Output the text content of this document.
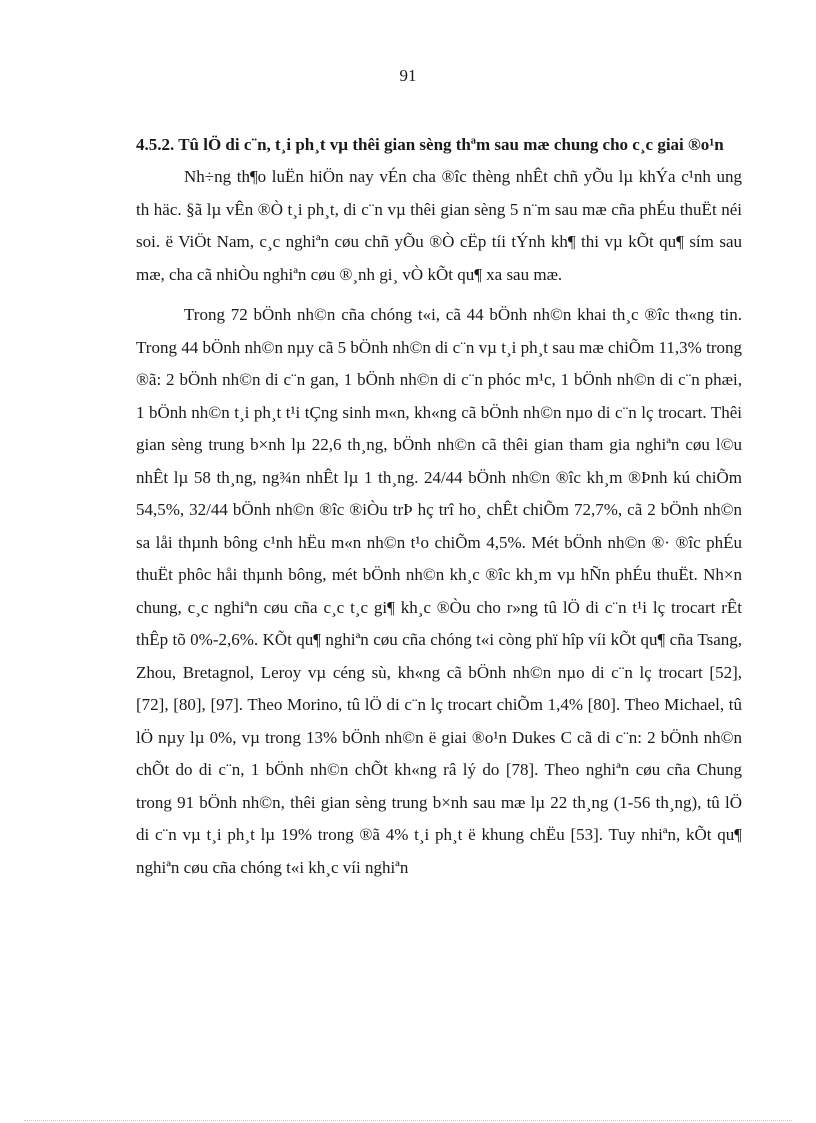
91
4.5.2. Tû lÖ di c¨n, t¸i ph¸t vµ thêi gian sèng thªm sau mæ chung cho c¸c giai ®o¹n

Nh÷ng th¶o luËn hiÖn nay vÉn cha ®îc thèng nhÊt chñ yÕu lµ khÝa c¹nh ung th häc. §ã lµ vÊn ®Ò t¸i ph¸t, di c¨n vµ thêi gian sèng 5 n¨m sau mæ cña phÉu thuËt néi soi. ë ViÖt Nam, c¸c nghiªn cøu chñ yÕu ®Ò cËp tíi tÝnh kh¶ thi vµ kÕt qu¶ sím sau mæ, cha cã nhiÒu nghiªn cøu ®¸nh gi¸ vÒ kÕt qu¶ xa sau mæ.

Trong 72 bÖnh nh©n cña chóng t«i, cã 44 bÖnh nh©n khai th¸c ®îc th«ng tin. Trong 44 bÖnh nh©n nµy cã 5 bÖnh nh©n di c¨n vµ t¸i ph¸t sau mæ chiÕm 11,3% trong ®ã: 2 bÖnh nh©n di c¨n gan, 1 bÖnh nh©n di c¨n phóc m¹c, 1 bÖnh nh©n di c¨n phæi, 1 bÖnh nh©n t¸i ph¸t t¹i tÇng sinh m«n, kh«ng cã bÖnh nh©n nµo di c¨n lç trocart. Thêi gian sèng trung b×nh lµ 22,6 th¸ng, bÖnh nh©n cã thêi gian tham gia nghiªn cøu l©u nhÊt lµ 58 th¸ng, ng¾n nhÊt lµ 1 th¸ng. 24/44 bÖnh nh©n ®îc kh¸m ®Þnh kú chiÕm 54,5%, 32/44 bÖnh nh©n ®îc ®iÒu trÞ hç trî ho¸ chÊt chiÕm 72,7%, cã 2 bÖnh nh©n sa låi thµnh bông c¹nh hËu m«n nh©n t¹o chiÕm 4,5%. Mét bÖnh nh©n ®· ®îc phÉu thuËt phôc håi thµnh bông, mét bÖnh nh©n kh¸c ®îc kh¸m vµ hÑn phÉu thuËt. Nh×n chung, c¸c nghiªn cøu cña c¸c t¸c gi¶ kh¸c ®Òu cho r»ng tû lÖ di c¨n t¹i lç trocart rÊt thÊp tõ 0%-2,6%. KÕt qu¶ nghiªn cøu cña chóng t«i còng phï hîp víi kÕt qu¶ cña Tsang, Zhou, Bretagnol, Leroy vµ céng sù, kh«ng cã bÖnh nh©n nµo di c¨n lç trocart [52], [72], [80], [97]. Theo Morino, tû lÖ di c¨n lç trocart chiÕm 1,4% [80]. Theo Michael, tû lÖ nµy lµ 0%, vµ trong 13% bÖnh nh©n ë giai ®o¹n Dukes C cã di c¨n: 2 bÖnh nh©n chÕt do di c¨n, 1 bÖnh nh©n chÕt kh«ng râ lý do [78]. Theo nghiªn cøu cña Chung trong 91 bÖnh nh©n, thêi gian sèng trung b×nh sau mæ lµ 22 th¸ng (1-56 th¸ng), tû lÖ di c¨n vµ t¸i ph¸t lµ 19% trong ®ã 4% t¸i ph¸t ë khung chËu [53]. Tuy nhiªn, kÕt qu¶ nghiªn cøu cña chóng t«i kh¸c víi nghiªn
